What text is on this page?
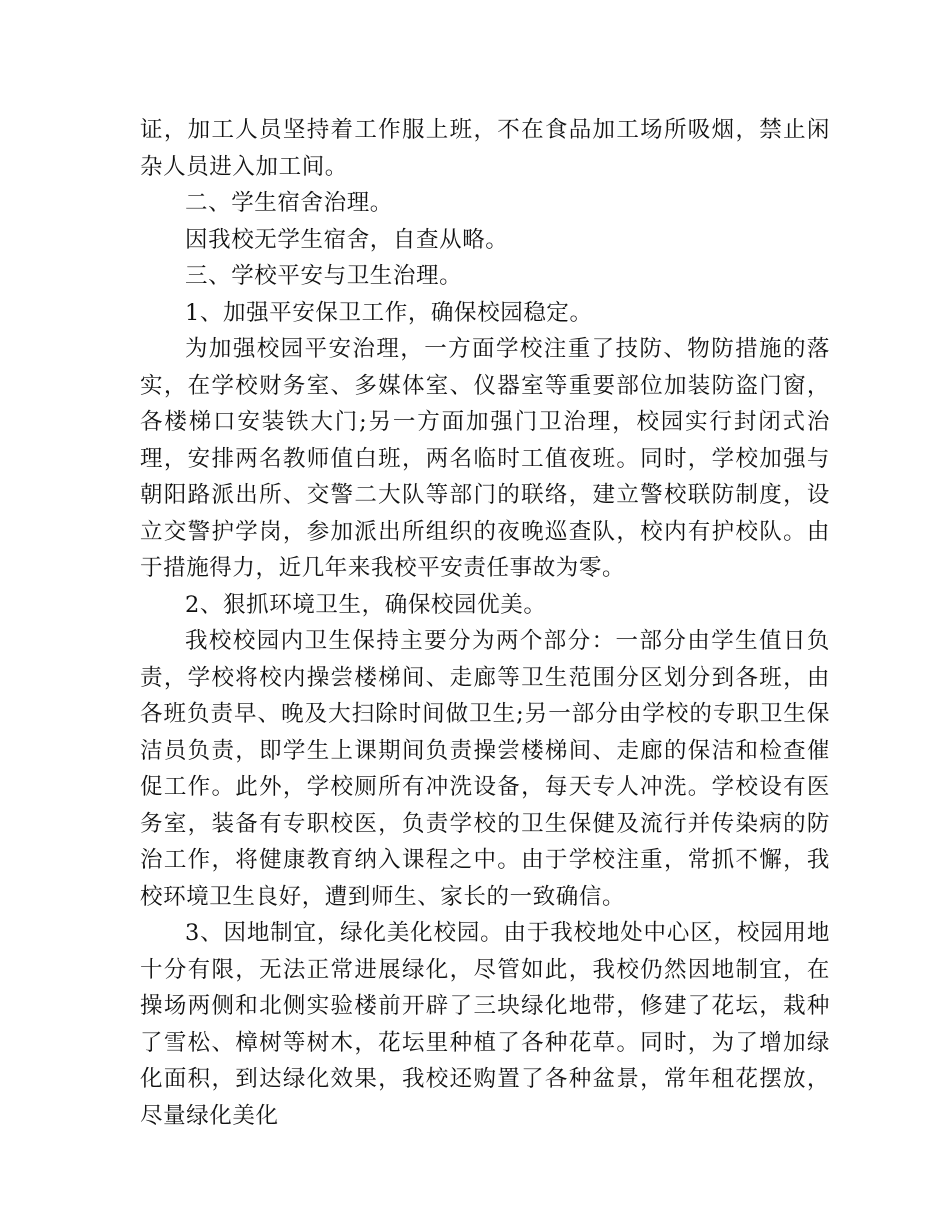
证，加工人员坚持着工作服上班，不在食品加工场所吸烟，禁止闲杂人员进入加工间。

二、学生宿舍治理。

因我校无学生宿舍，自查从略。

三、学校平安与卫生治理。

1、加强平安保卫工作，确保校园稳定。

为加强校园平安治理，一方面学校注重了技防、物防措施的落实，在学校财务室、多媒体室、仪器室等重要部位加装防盗门窗，各楼梯口安装铁大门;另一方面加强门卫治理，校园实行封闭式治理，安排两名教师值白班，两名临时工值夜班。同时，学校加强与朝阳路派出所、交警二大队等部门的联络，建立警校联防制度，设立交警护学岗，参加派出所组织的夜晚巡查队，校内有护校队。由于措施得力，近几年来我校平安责任事故为零。

2、狠抓环境卫生，确保校园优美。

我校校园内卫生保持主要分为两个部分：一部分由学生值日负责，学校将校内操尝楼梯间、走廊等卫生范围分区划分到各班，由各班负责早、晚及大扫除时间做卫生;另一部分由学校的专职卫生保洁员负责，即学生上课期间负责操尝楼梯间、走廊的保洁和检查催促工作。此外，学校厕所有冲洗设备，每天专人冲洗。学校设有医务室，装备有专职校医，负责学校的卫生保健及流行并传染病的防治工作，将健康教育纳入课程之中。由于学校注重，常抓不懈，我校环境卫生良好，遭到师生、家长的一致确信。

3、因地制宜，绿化美化校园。由于我校地处中心区，校园用地十分有限，无法正常进展绿化，尽管如此，我校仍然因地制宜，在操场两侧和北侧实验楼前开辟了三块绿化地带，修建了花坛，栽种了雪松、樟树等树木，花坛里种植了各种花草。同时，为了增加绿化面积，到达绿化效果，我校还购置了各种盆景，常年租花摆放，尽量绿化美化
